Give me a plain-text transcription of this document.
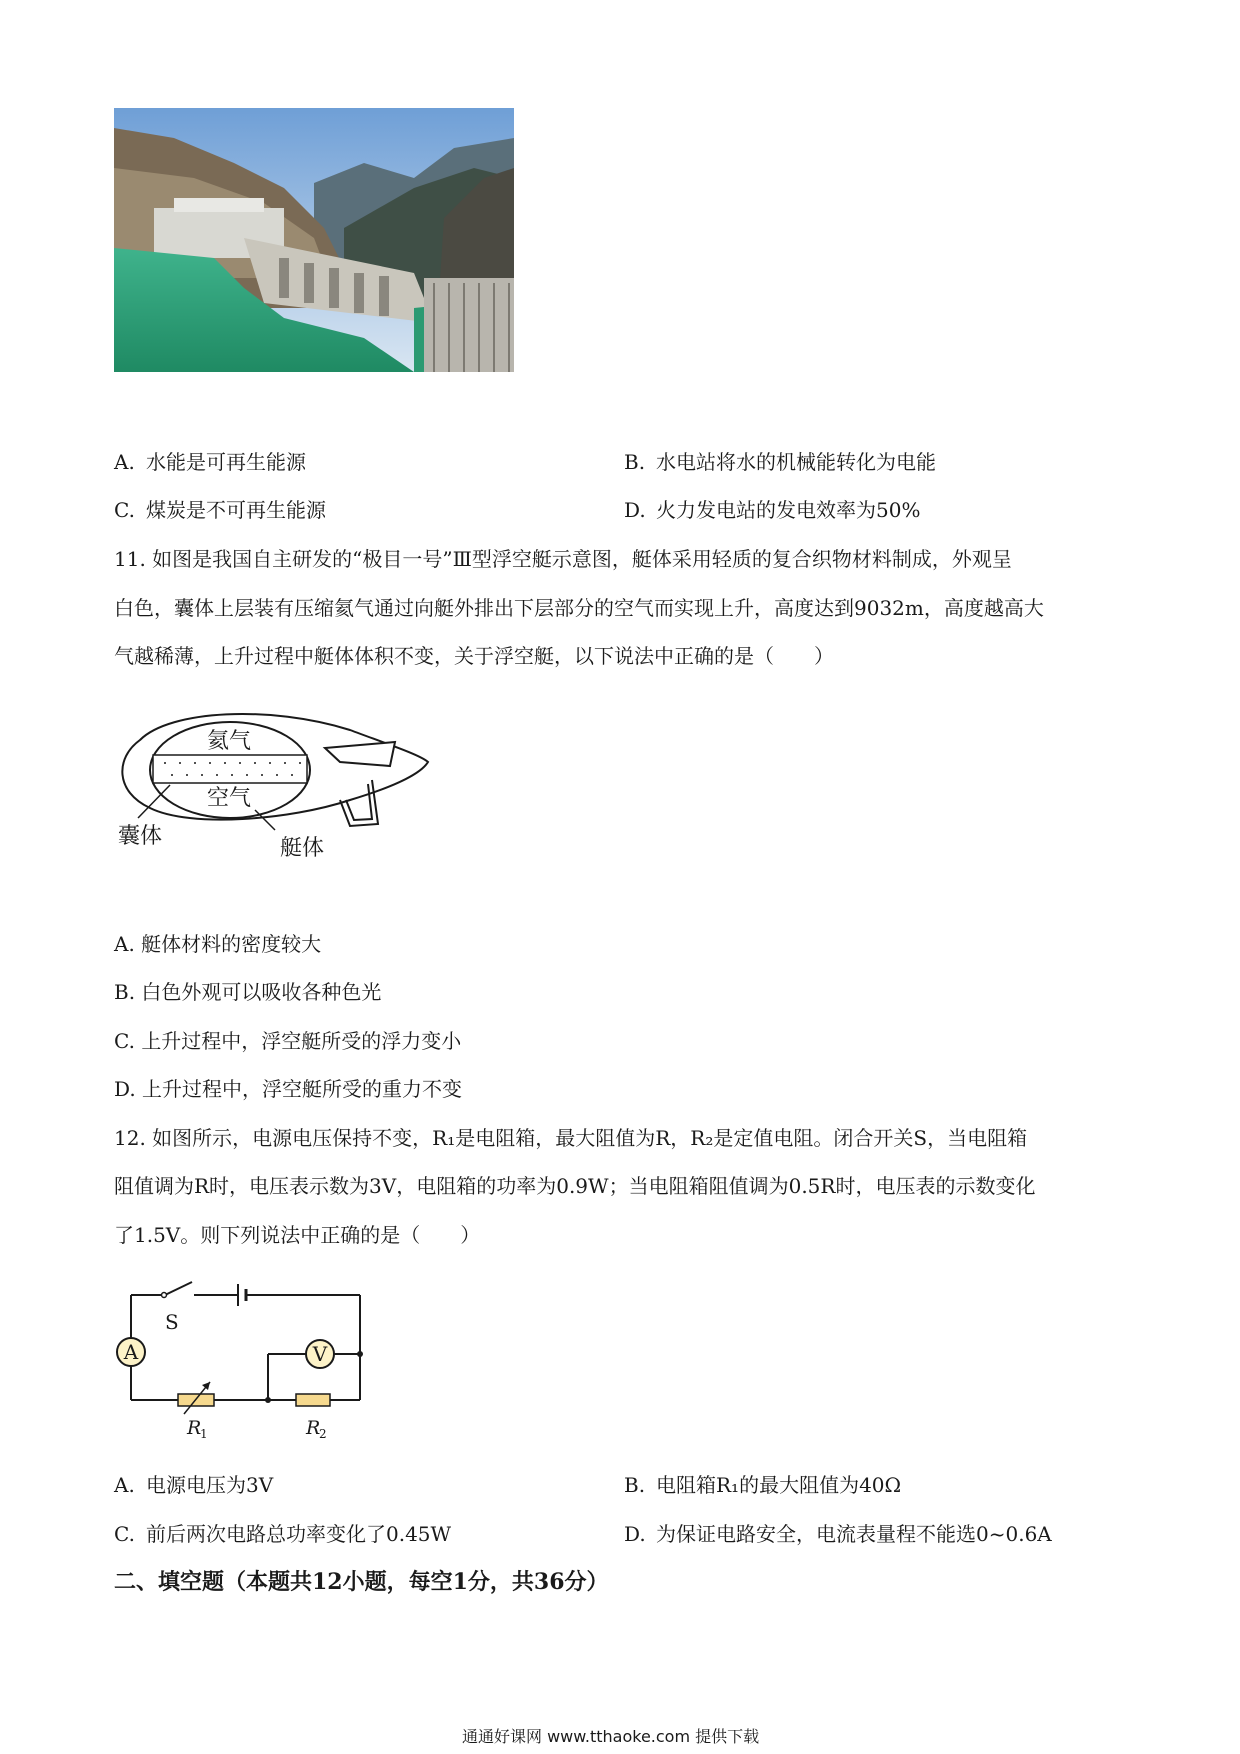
A. 水能是可再生能源	B. 水电站将水的机械能转化为电能
C. 煤炭是不可再生能源	D. 火力发电站的发电效率为50%
11. 如图是我国自主研发的“极目一号”Ⅲ型浮空艇示意图，艇体采用轻质的复合织物材料制成，外观呈
白色，囊体上层装有压缩氦气通过向艇外排出下层部分的空气而实现上升，高度达到9032m，高度越高大
气越稀薄，上升过程中艇体体积不变，关于浮空艇，以下说法中正确的是（　　）
氦气
空气
囊体	艇体
A. 艇体材料的密度较大
B. 白色外观可以吸收各种色光
C. 上升过程中，浮空艇所受的浮力变小
D. 上升过程中，浮空艇所受的重力不变
12. 如图所示，电源电压保持不变，R₁是电阻箱，最大阻值为R，R₂是定值电阻。闭合开关S，当电阻箱
阻值调为R时，电压表示数为3V，电阻箱的功率为0.9W；当电阻箱阻值调为0.5R时，电压表的示数变化
了1.5V。则下列说法中正确的是（　　）
A	V
S
R
1	R
2
A. 电源电压为3V	B. 电阻箱R₁的最大阻值为40Ω
C. 前后两次电路总功率变化了0.45W	D. 为保证电路安全，电流表量程不能选0~0.6A
二、填空题（本题共12小题，每空1分，共36分）
通通好课网 www.tthaoke.com 提供下载
